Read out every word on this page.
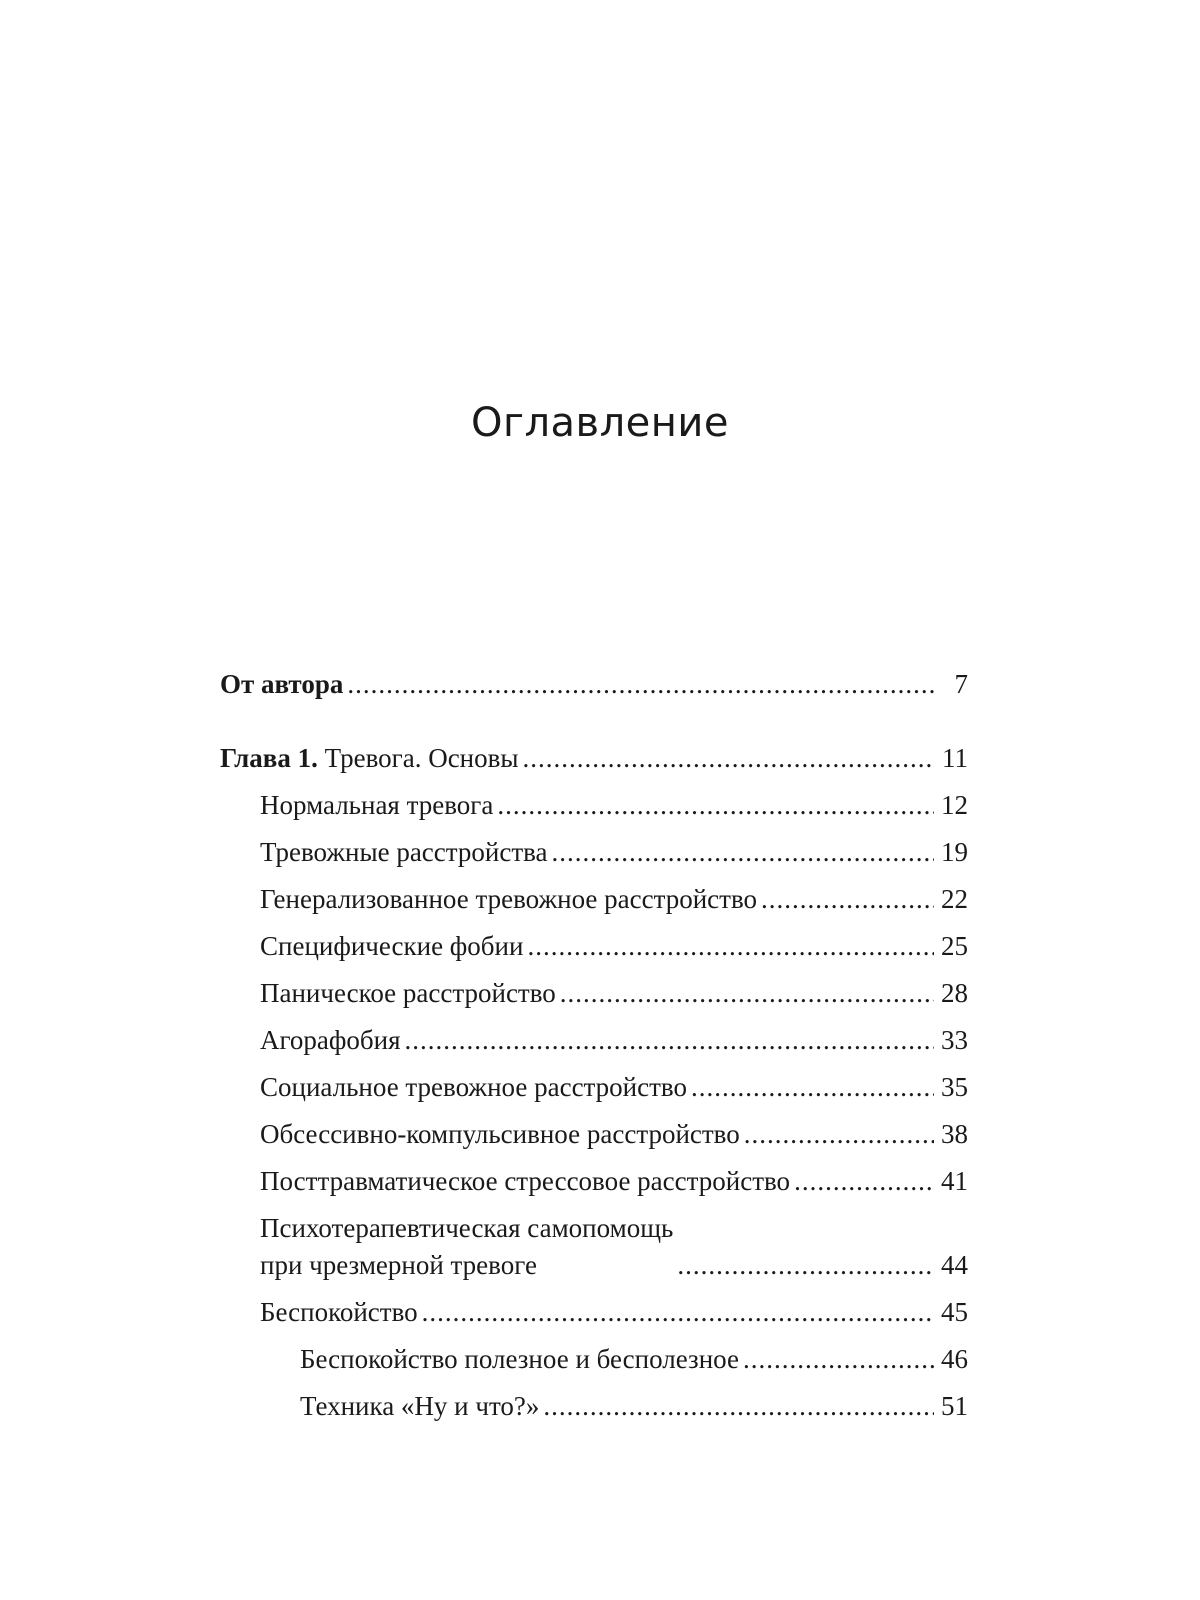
Оглавление
От автора .....	7
Глава 1. Тревога. Основы .....	11
Нормальная тревога .....	12
Тревожные расстройства .....	19
Генерализованное тревожное расстройство .....	22
Специфические фобии .....	25
Паническое расстройство .....	28
Агорафобия .....	33
Социальное тревожное расстройство .....	35
Обсессивно-компульсивное расстройство .....	38
Посттравматическое стрессовое расстройство .....	41
Психотерапевтическая самопомощь
при чрезмерной тревоге .....	44
Беспокойство .....	45
Беспокойство полезное и бесполезное .....	46
Техника «Ну и что?» .....	51
